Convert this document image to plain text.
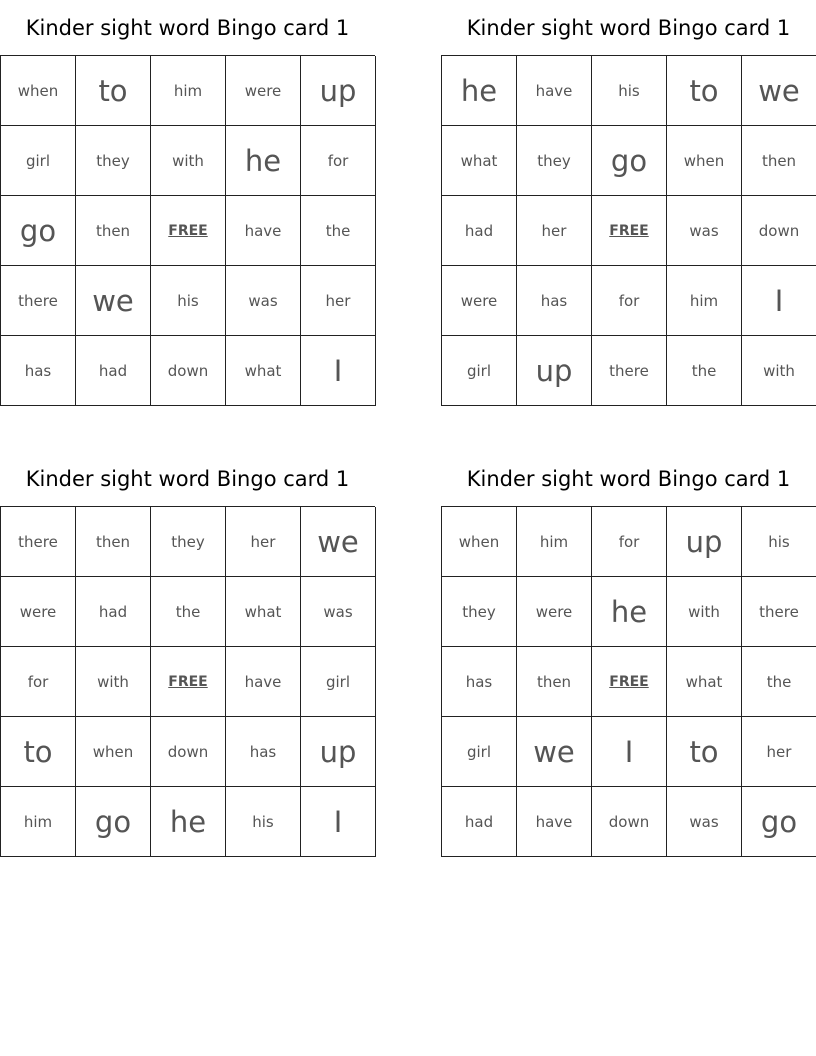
Kinder sight word Bingo card 1
when	to	him	were	up
girl	they	with	he	for
go	then	FREE	have	the
there	we	his	was	her
has	had	down	what	I
Kinder sight word Bingo card 1
he	have	his	to	we
what	they	go	when	then
had	her	FREE	was	down
were	has	for	him	I
girl	up	there	the	with
Kinder sight word Bingo card 1
there	then	they	her	we
were	had	the	what	was
for	with	FREE	have	girl
to	when	down	has	up
him	go	he	his	I
Kinder sight word Bingo card 1
when	him	for	up	his
they	were	he	with	there
has	then	FREE	what	the
girl	we	I	to	her
had	have	down	was	go
